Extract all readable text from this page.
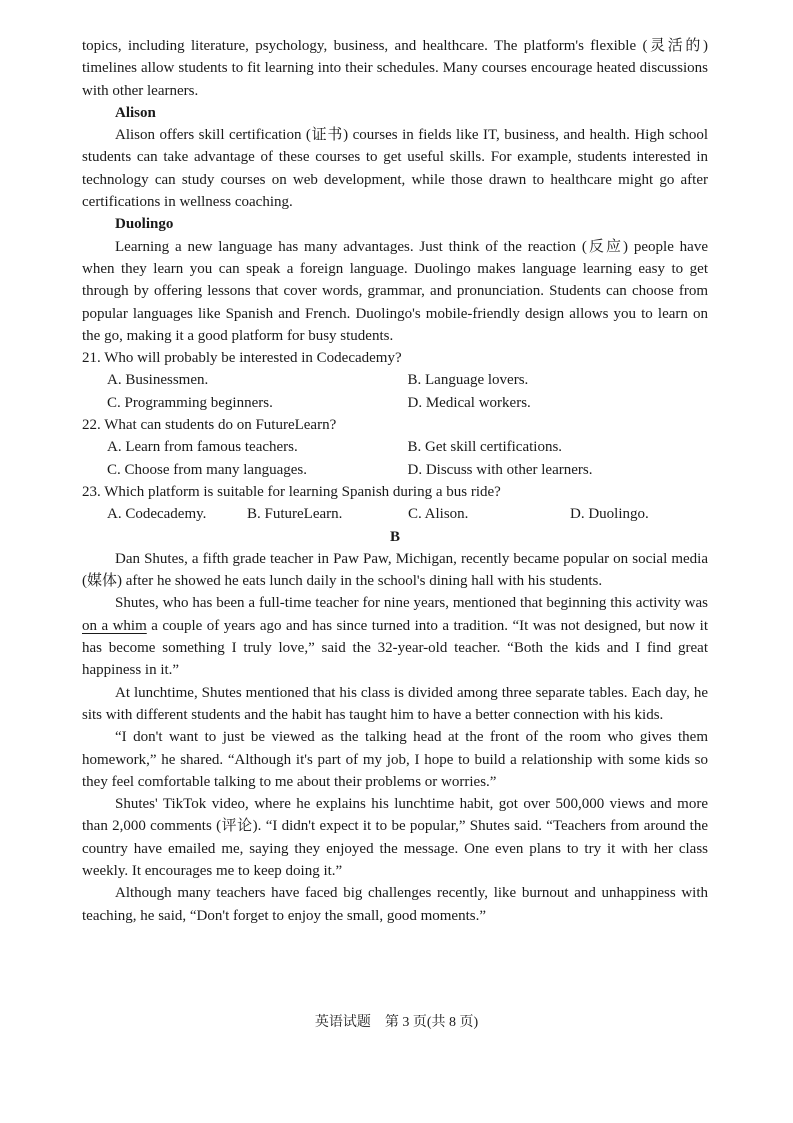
topics, including literature, psychology, business, and healthcare. The platform's flexible (灵活的) timelines allow students to fit learning into their schedules. Many courses encourage heated discussions with other learners.

Alison

Alison offers skill certification (证书) courses in fields like IT, business, and health. High school students can take advantage of these courses to get useful skills. For example, students interested in technology can study courses on web development, while those drawn to healthcare might go after certifications in wellness coaching.

Duolingo

Learning a new language has many advantages. Just think of the reaction (反应) people have when they learn you can speak a foreign language. Duolingo makes language learning easy to get through by offering lessons that cover words, grammar, and pronunciation. Students can choose from popular languages like Spanish and French. Duolingo's mobile-friendly design allows you to learn on the go, making it a good platform for busy students.

21. Who will probably be interested in Codecademy?
A. Businessmen.	B. Language lovers.
C. Programming beginners.	D. Medical workers.
22. What can students do on FutureLearn?
A. Learn from famous teachers.	B. Get skill certifications.
C. Choose from many languages.	D. Discuss with other learners.
23. Which platform is suitable for learning Spanish during a bus ride?
A. Codecademy.	B. FutureLearn.	C. Alison.	D. Duolingo.
B

Dan Shutes, a fifth grade teacher in Paw Paw, Michigan, recently became popular on social media (媒体) after he showed he eats lunch daily in the school's dining hall with his students.

Shutes, who has been a full-time teacher for nine years, mentioned that beginning this activity was on a whim a couple of years ago and has since turned into a tradition. “It was not designed, but now it has become something I truly love,” said the 32-year-old teacher. “Both the kids and I find great happiness in it.”

At lunchtime, Shutes mentioned that his class is divided among three separate tables. Each day, he sits with different students and the habit has taught him to have a better connection with his kids.

“I don't want to just be viewed as the talking head at the front of the room who gives them homework,” he shared. “Although it's part of my job, I hope to build a relationship with some kids so they feel comfortable talking to me about their problems or worries.”

Shutes' TikTok video, where he explains his lunchtime habit, got over 500,000 views and more than 2,000 comments (评论). “I didn't expect it to be popular,” Shutes said. “Teachers from around the country have emailed me, saying they enjoyed the message. One even plans to try it with her class weekly. It encourages me to keep doing it.”

Although many teachers have faced big challenges recently, like burnout and unhappiness with teaching, he said, “Don't forget to enjoy the small, good moments.”

英语试题　第 3 页(共 8 页)
